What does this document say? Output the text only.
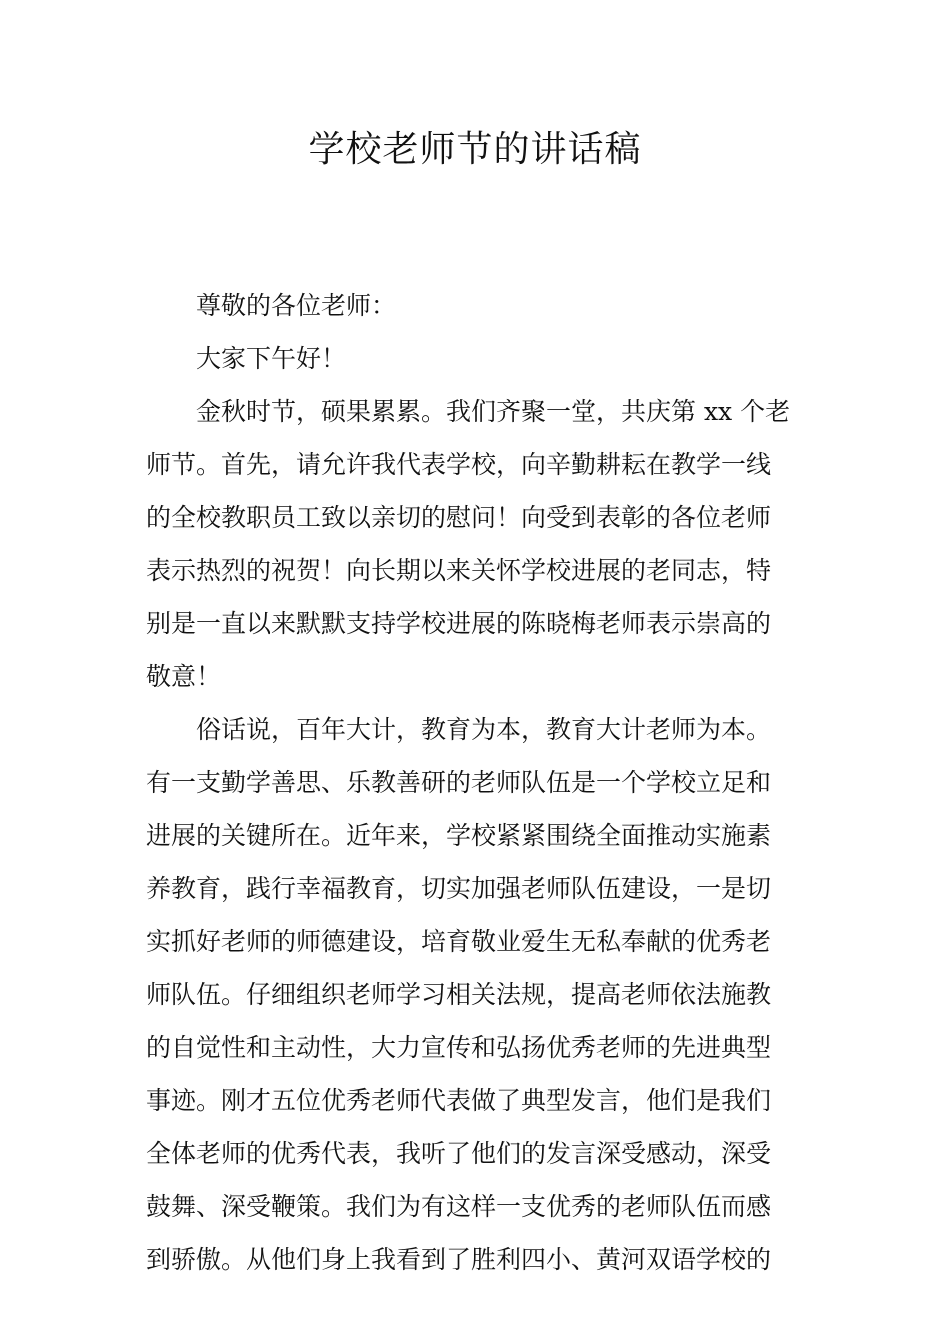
学校老师节的讲话稿

尊敬的各位老师：

大家下午好！

金秋时节，硕果累累。我们齐聚一堂，共庆第 xx 个老

师节。首先，请允许我代表学校，向辛勤耕耘在教学一线

的全校教职员工致以亲切的慰问！向受到表彰的各位老师

表示热烈的祝贺！向长期以来关怀学校进展的老同志，特

别是一直以来默默支持学校进展的陈晓梅老师表示崇高的

敬意！

俗话说，百年大计，教育为本，教育大计老师为本。

有一支勤学善思、乐教善研的老师队伍是一个学校立足和

进展的关键所在。近年来，学校紧紧围绕全面推动实施素

养教育，践行幸福教育，切实加强老师队伍建设，一是切

实抓好老师的师德建设，培育敬业爱生无私奉献的优秀老

师队伍。仔细组织老师学习相关法规，提高老师依法施教

的自觉性和主动性，大力宣传和弘扬优秀老师的先进典型

事迹。刚才五位优秀老师代表做了典型发言，他们是我们

全体老师的优秀代表，我听了他们的发言深受感动，深受

鼓舞、深受鞭策。我们为有这样一支优秀的老师队伍而感

到骄傲。从他们身上我看到了胜利四小、黄河双语学校的
